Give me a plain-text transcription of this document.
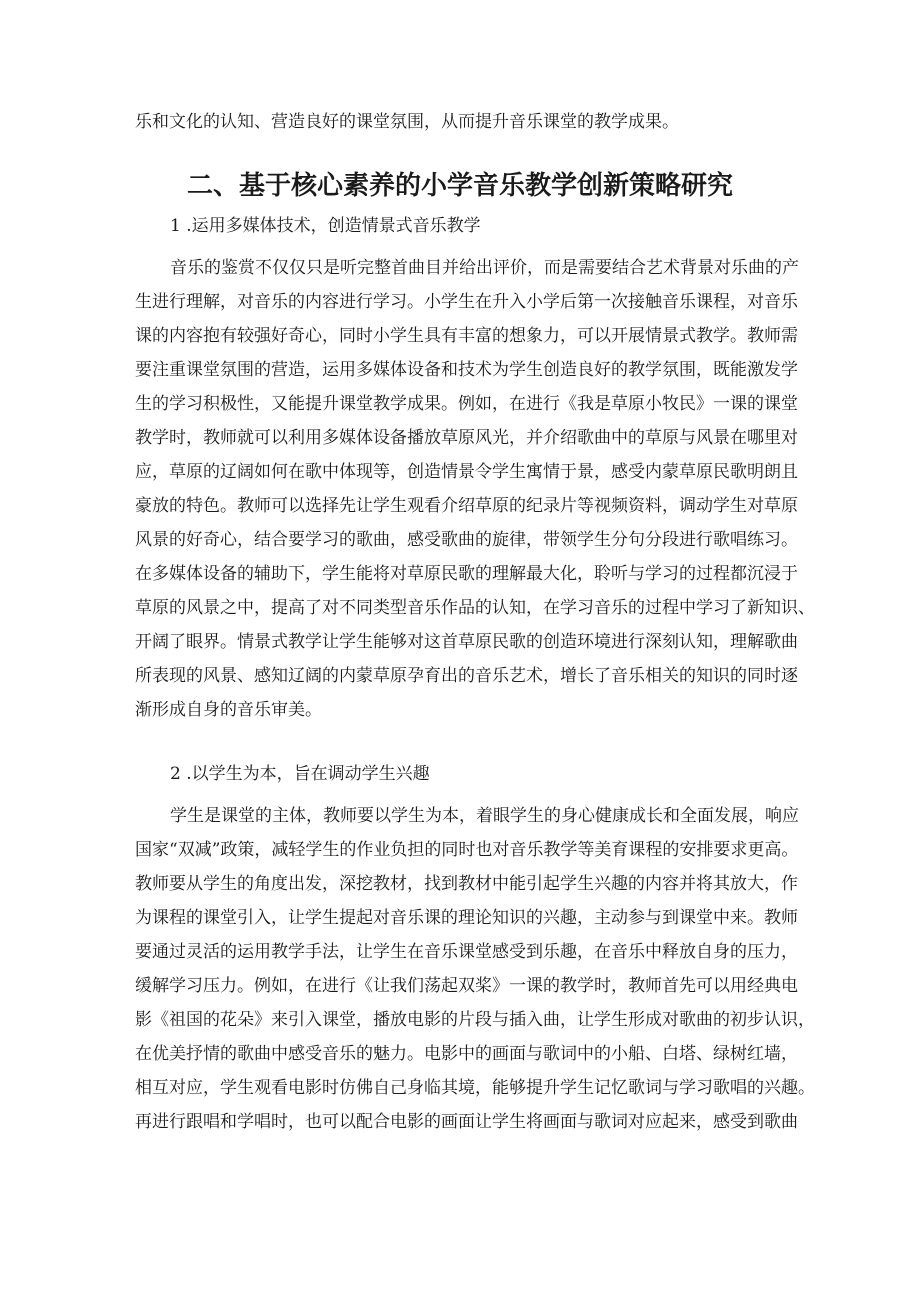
乐和文化的认知、营造良好的课堂氛围，从而提升音乐课堂的教学成果。

二、基于核心素养的小学音乐教学创新策略研究

1 .运用多媒体技术，创造情景式音乐教学

音乐的鉴赏不仅仅只是听完整首曲目并给出评价，而是需要结合艺术背景对乐曲的产

生进行理解，对音乐的内容进行学习。小学生在升入小学后第一次接触音乐课程，对音乐

课的内容抱有较强好奇心，同时小学生具有丰富的想象力，可以开展情景式教学。教师需

要注重课堂氛围的营造，运用多媒体设备和技术为学生创造良好的教学氛围，既能激发学

生的学习积极性，又能提升课堂教学成果。例如，在进行《我是草原小牧民》一课的课堂

教学时，教师就可以利用多媒体设备播放草原风光，并介绍歌曲中的草原与风景在哪里对

应，草原的辽阔如何在歌中体现等，创造情景令学生寓情于景，感受内蒙草原民歌明朗且

豪放的特色。教师可以选择先让学生观看介绍草原的纪录片等视频资料，调动学生对草原

风景的好奇心，结合要学习的歌曲，感受歌曲的旋律，带领学生分句分段进行歌唱练习。

在多媒体设备的辅助下，学生能将对草原民歌的理解最大化，聆听与学习的过程都沉浸于

草原的风景之中，提高了对不同类型音乐作品的认知，在学习音乐的过程中学习了新知识、

开阔了眼界。情景式教学让学生能够对这首草原民歌的创造环境进行深刻认知，理解歌曲

所表现的风景、感知辽阔的内蒙草原孕育出的音乐艺术，增长了音乐相关的知识的同时逐

渐形成自身的音乐审美。

2 .以学生为本，旨在调动学生兴趣

学生是课堂的主体，教师要以学生为本，着眼学生的身心健康成长和全面发展，响应

国家“双减”政策，减轻学生的作业负担的同时也对音乐教学等美育课程的安排要求更高。

教师要从学生的角度出发，深挖教材，找到教材中能引起学生兴趣的内容并将其放大，作

为课程的课堂引入，让学生提起对音乐课的理论知识的兴趣，主动参与到课堂中来。教师

要通过灵活的运用教学手法，让学生在音乐课堂感受到乐趣，在音乐中释放自身的压力，

缓解学习压力。例如，在进行《让我们荡起双桨》一课的教学时，教师首先可以用经典电

影《祖国的花朵》来引入课堂，播放电影的片段与插入曲，让学生形成对歌曲的初步认识，

在优美抒情的歌曲中感受音乐的魅力。电影中的画面与歌词中的小船、白塔、绿树红墙，

相互对应，学生观看电影时仿佛自己身临其境，能够提升学生记忆歌词与学习歌唱的兴趣。

再进行跟唱和学唱时，也可以配合电影的画面让学生将画面与歌词对应起来，感受到歌曲
